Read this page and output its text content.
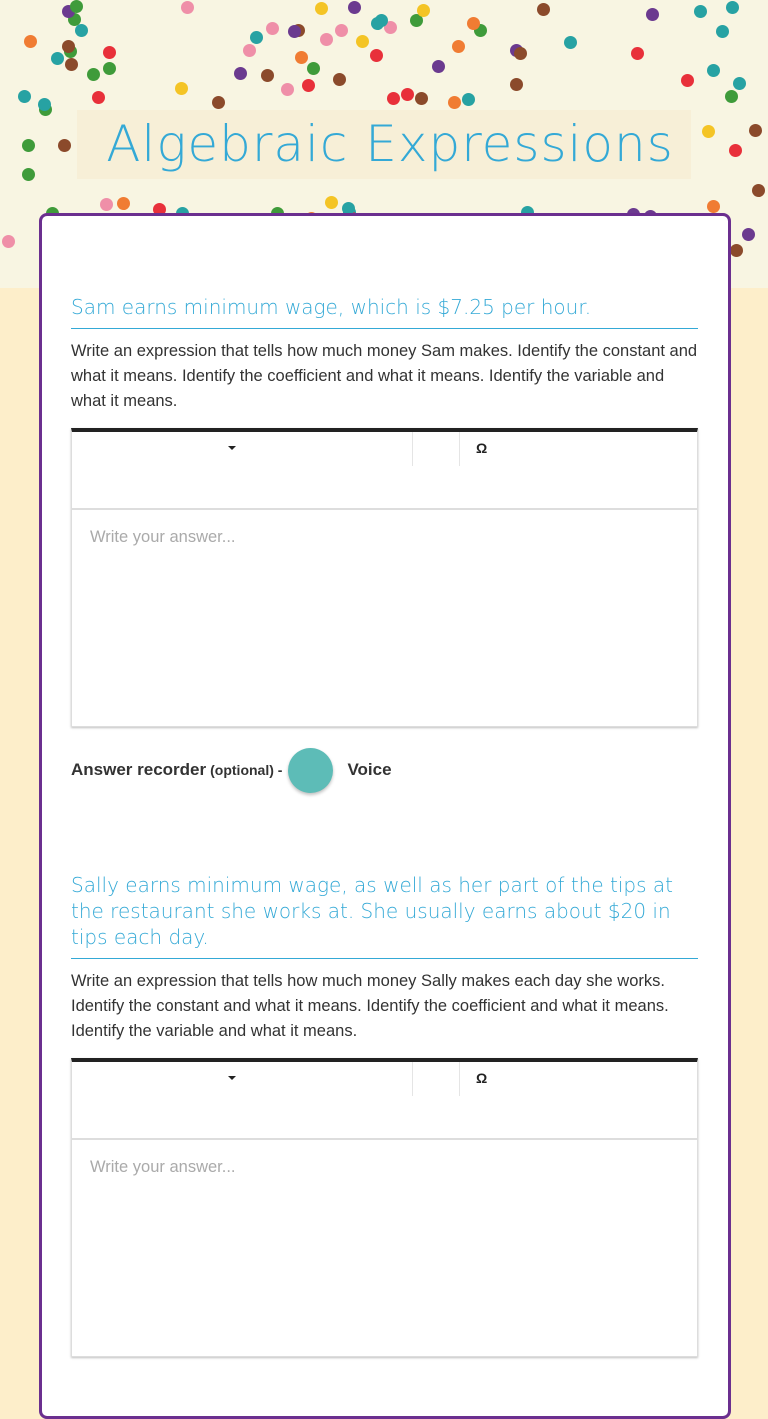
Algebraic Expressions
Sam earns minimum wage, which is $7.25 per hour.
Write an expression that tells how much money Sam makes. Identify the constant and what it means. Identify the coefficient and what it means. Identify the variable and what it means.
Ω
Write your answer...
Answer recorder (optional) -	Voice
Sally earns minimum wage, as well as her part of the tips at the restaurant she works at. She usually earns about $20 in tips each day.
Write an expression that tells how much money Sally makes each day she works. Identify the constant and what it means. Identify the coefficient and what it means. Identify the variable and what it means.
Ω
Write your answer...
